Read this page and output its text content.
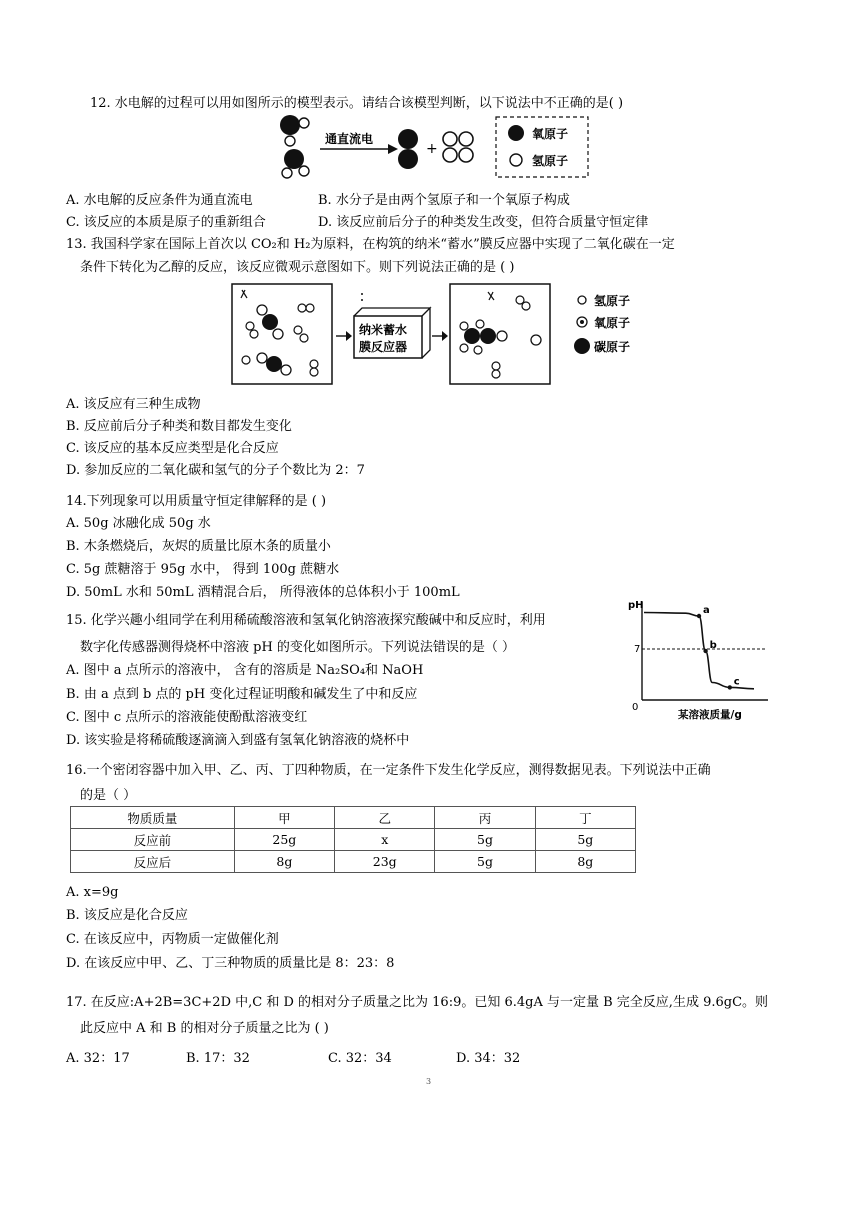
12. 水电解的过程可以用如图所示的模型表示。请结合该模型判断，以下说法中不正确的是( )
通直流电
+
氧原子
氢原子
A. 水电解的反应条件为通直流电	B. 水分子是由两个氢原子和一个氧原子构成
C. 该反应的本质是原子的重新组合	D. 该反应前后分子的种类发生改变，但符合质量守恒定律
13. 我国科学家在国际上首次以 CO₂和 H₂为原料，在构筑的纳米“蓄水”膜反应器中实现了二氧化碳在一定
条件下转化为乙醇的反应，该反应微观示意图如下。则下列说法正确的是 ( )
纳米蓄水
膜反应器
氢原子
氧原子
碳原子
A. 该反应有三种生成物
B. 反应前后分子种类和数目都发生变化
C. 该反应的基本反应类型是化合反应
D. 参加反应的二氧化碳和氢气的分子个数比为 2：7
14.下列现象可以用质量守恒定律解释的是 ( )
A. 50g 冰融化成 50g 水
B. 木条燃烧后，灰烬的质量比原木条的质量小
C. 5g 蔗糖溶于 95g 水中， 得到 100g 蔗糖水
D. 50mL 水和 50mL 酒精混合后， 所得液体的总体积小于 100mL
15. 化学兴趣小组同学在利用稀硫酸溶液和氢氧化钠溶液探究酸碱中和反应时，利用
数字化传感器测得烧杯中溶液 pH 的变化如图所示。下列说法错误的是（ ）
A. 图中 a 点所示的溶液中， 含有的溶质是 Na₂SO₄和 NaOH
B. 由 a 点到 b 点的 pH 变化过程证明酸和碱发生了中和反应
C. 图中 c 点所示的溶液能使酚酞溶液变红
D. 该实验是将稀硫酸逐滴滴入到盛有氢氧化钠溶液的烧杯中
pH
0
某溶液质量/g
7
a
b
c
16.一个密闭容器中加入甲、乙、丙、丁四种物质，在一定条件下发生化学反应，测得数据见表。下列说法中正确
的是（ ）
物质质量	甲	乙	丙	丁
反应前	25g	x	5g	5g
反应后	8g	23g	5g	8g
A. x=9g
B. 该反应是化合反应
C. 在该反应中，丙物质一定做催化剂
D. 在该反应中甲、乙、丁三种物质的质量比是 8：23：8
17. 在反应:A+2B=3C+2D 中,C 和 D 的相对分子质量之比为 16:9。已知 6.4gA 与一定量 B 完全反应,生成 9.6gC。则
此反应中 A 和 B 的相对分子质量之比为 ( )
A. 32：17	B. 17：32	C. 32：34	D. 34：32
3
